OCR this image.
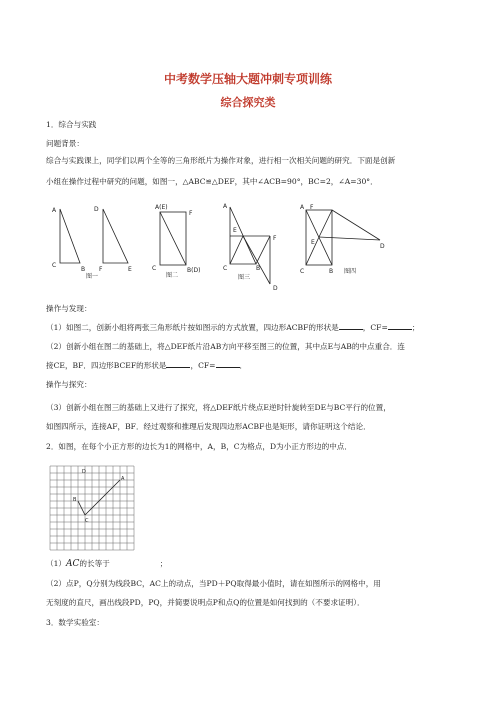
中考数学压轴大题冲刺专项训练
综合探究类
1．综合与实践
问题背景：
综合与实践课上，同学们以两个全等的三角形纸片为操作对象，进行相一次相关问题的研究．下面是创新
小组在操作过程中研究的问题，如图一，△ABC≌△DEF，其中∠ACB=90°，BC=2，∠A=30°．
A
C
B
D
F	E
图一
A(E)
F
C	B(D)
图二
A
E
F
C	B
D
图三
A F
E
D
C	B 图四
操作与发现：
（1）如图二，创新小组将两张三角形纸片按如图示的方式放置，四边形ACBF的形状是	，CF=	；
（2）创新小组在图二的基础上，将△DEF纸片沿AB方向平移至图三的位置，其中点E与AB的中点重合．连
接CE，BF．四边形BCEF的形状是	，CF=	．
操作与探究：
（3）创新小组在图三的基础上又进行了探究，将△DEF纸片绕点E逆时针旋转至DE与BC平行的位置，
如图四所示，连接AF，BF．经过观察和推理后发现四边形ACBF也是矩形，请你证明这个结论．
2．如图，在每个小正方形的边长为1的网格中，A，B，C为格点，D为小正方形边的中点．
D
A
B
C
（1）AC的长等于	；
（2）点P，Q分别为线段BC，AC上的动点，当PD＋PQ取得最小值时，请在如图所示的网格中，用
无刻度的直尺，画出线段PD，PQ，并简要说明点P和点Q的位置是如何找到的（不要求证明）．
3．数学实验室：
